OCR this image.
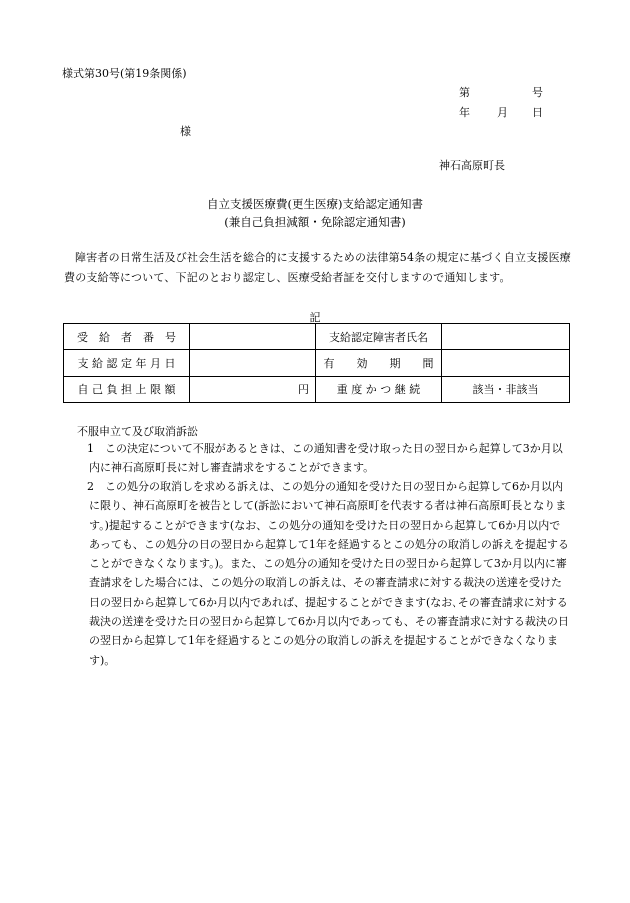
様式第30号(第19条関係)
第	号
年 月 日
様
神石高原町長
自立支援医療費(更生医療)支給認定通知書
(兼自己負担減額・免除認定通知書)
障害者の日常生活及び社会生活を総合的に支援するための法律第54条の規定に基づく自立支援医療費の支給等について、下記のとおり認定し、医療受給者証を交付しますので通知します。
記
受　給　者　番　号		支給認定障害者氏名	
支 給 認 定 年 月 日		有　　効　　期　　間	
自 己 負 担 上 限 額	円	重 度 か つ 継 続	該当・非該当
不服申立て及び取消訴訟
1	この決定について不服があるときは、この通知書を受け取った日の翌日から起算して3か月以内に神石高原町長に対し審査請求をすることができます。
2	この処分の取消しを求める訴えは、この処分の通知を受けた日の翌日から起算して6か月以内に限り、神石高原町を被告として(訴訟において神石高原町を代表する者は神石高原町長となります。)提起することができます(なお、この処分の通知を受けた日の翌日から起算して6か月以内であっても、この処分の日の翌日から起算して1年を経過するとこの処分の取消しの訴えを提起することができなくなります。)。また、この処分の通知を受けた日の翌日から起算して3か月以内に審査請求をした場合には、この処分の取消しの訴えは、その審査請求に対する裁決の送達を受けた日の翌日から起算して6か月以内であれば、提起することができます(なお､その審査請求に対する裁決の送達を受けた日の翌日から起算して6か月以内であっても、その審査請求に対する裁決の日の翌日から起算して1年を経過するとこの処分の取消しの訴えを提起することができなくなります)。
